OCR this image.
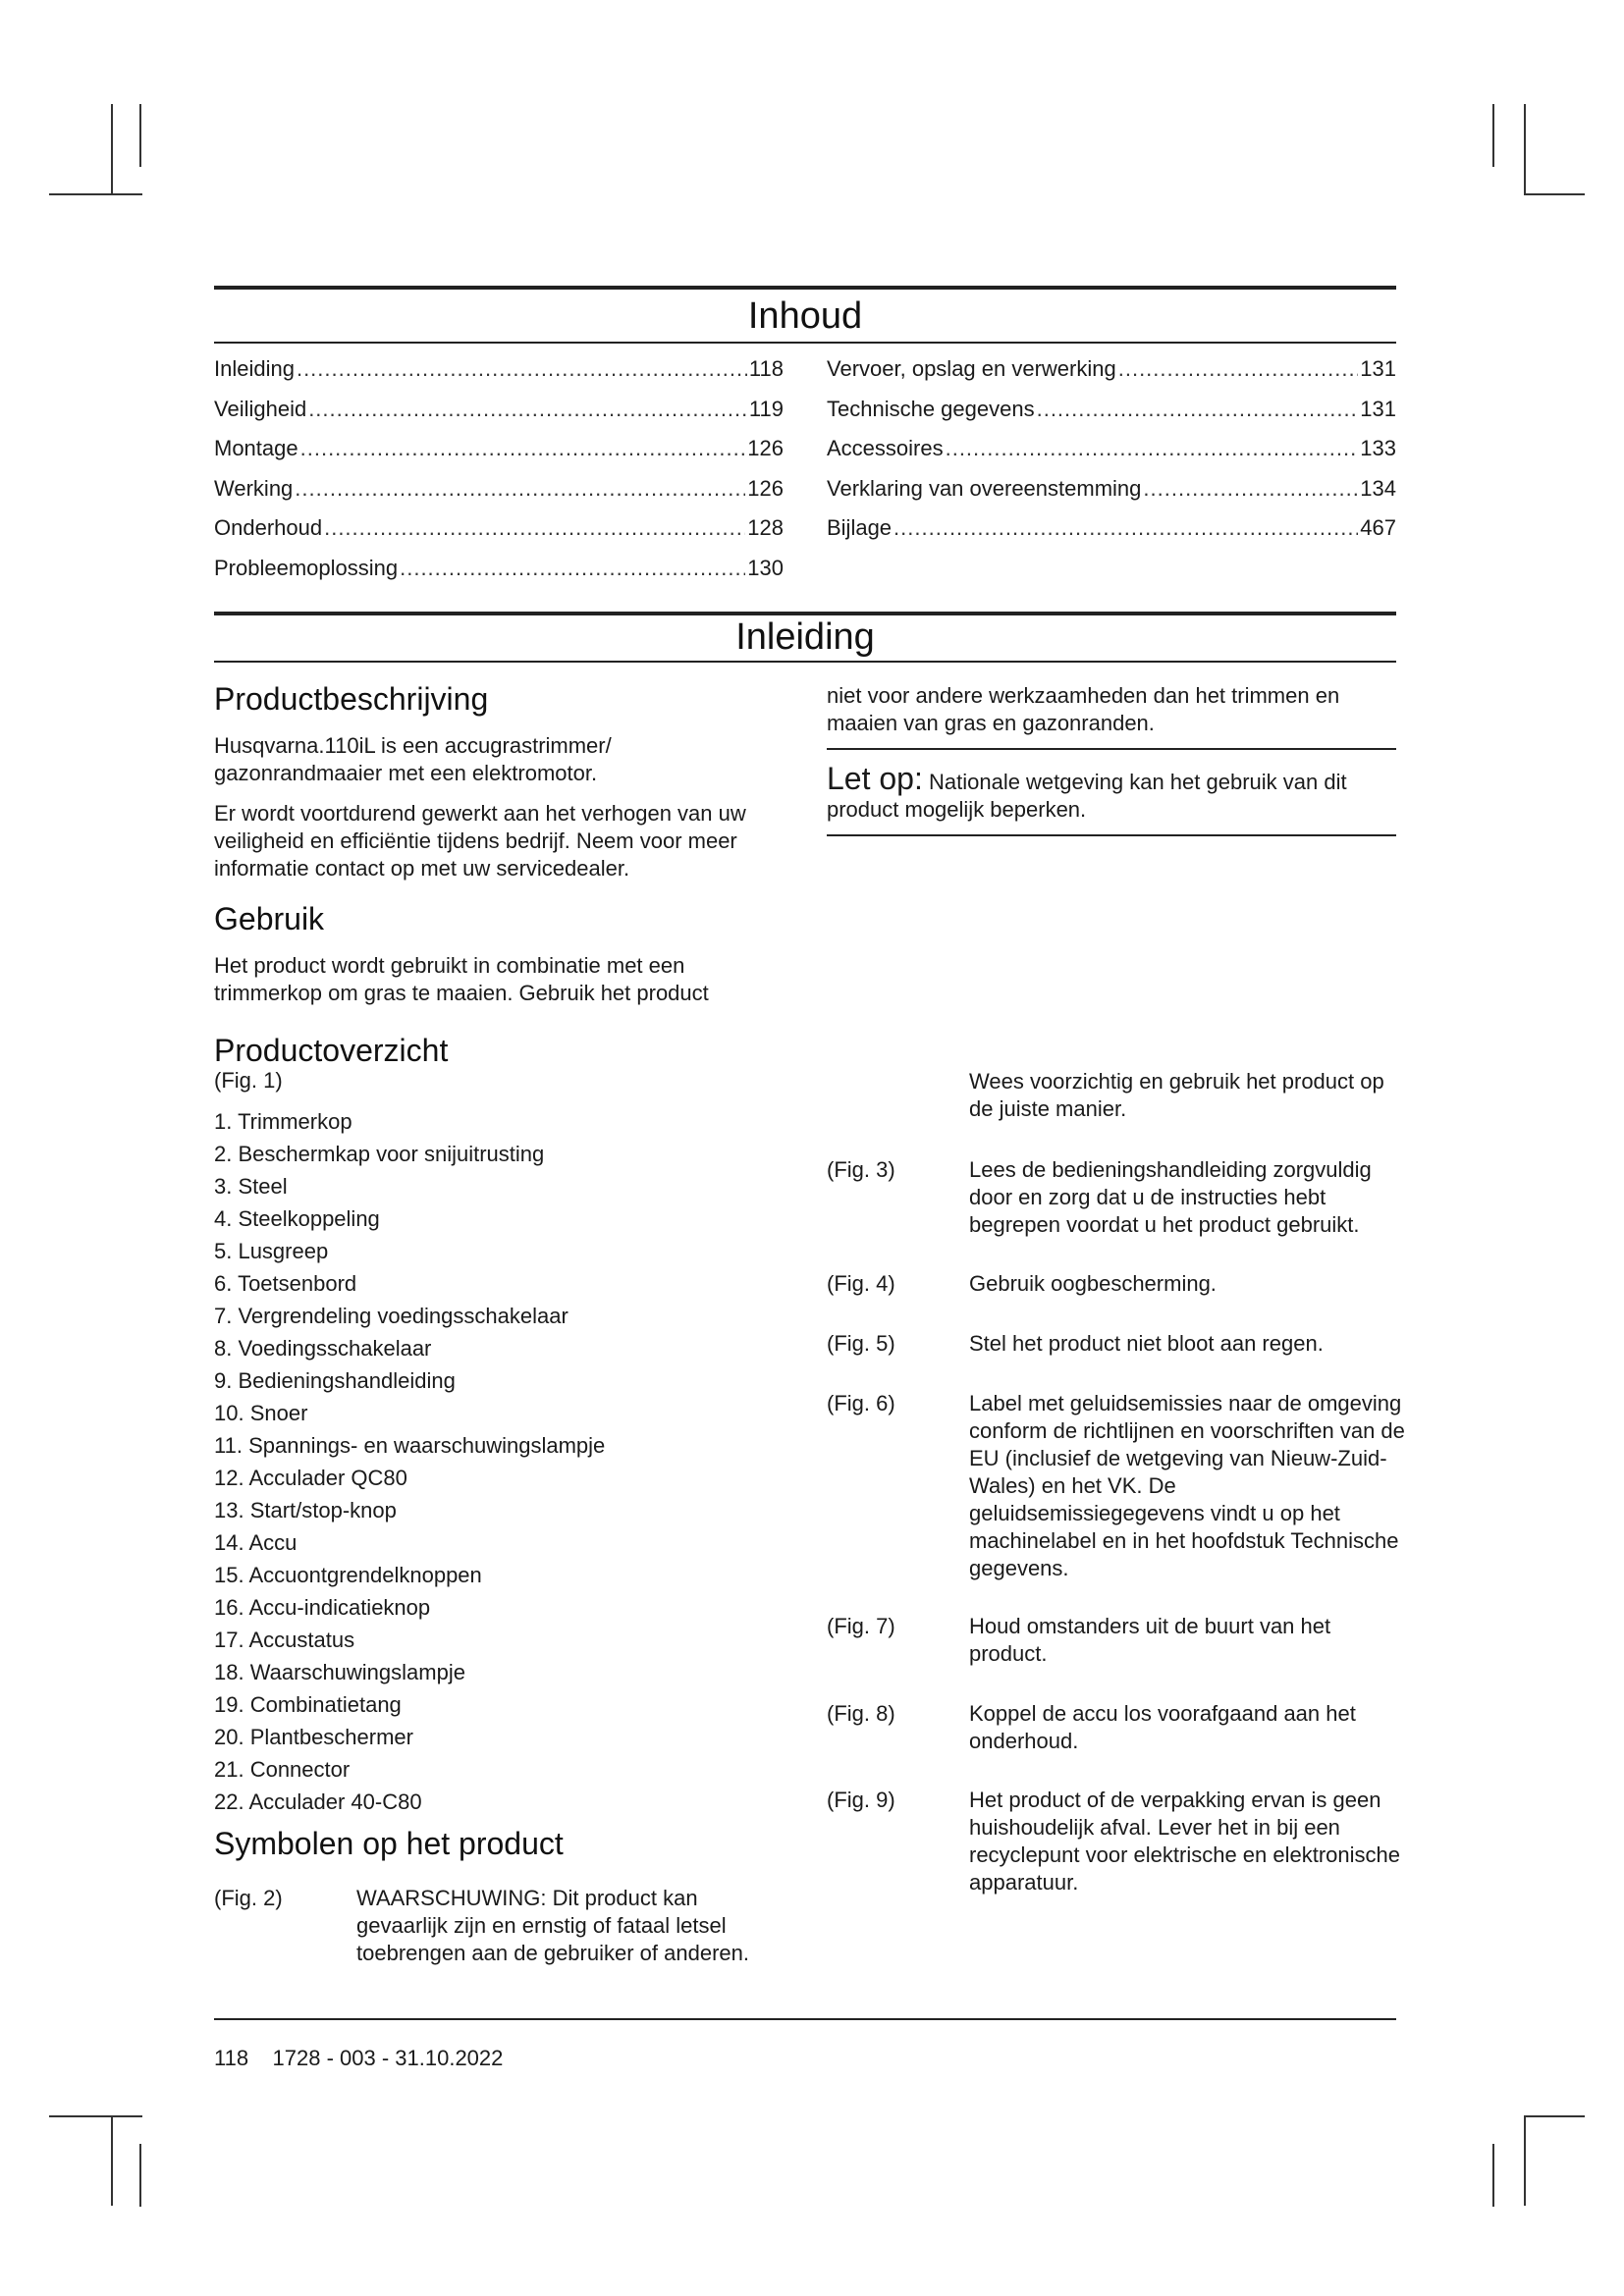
Inhoud
Inleiding .....	118
Veiligheid .....	119
Montage .....	126
Werking .....	126
Onderhoud .....	128
Probleemoplossing .....	130
Vervoer, opslag en verwerking .....	131
Technische gegevens .....	131
Accessoires .....	133
Verklaring van overeenstemming .....	134
Bijlage .....	467
Inleiding
Productbeschrijving
Husqvarna.110iL is een accugrastrimmer/ gazonrandmaaier met een elektromotor.
Er wordt voortdurend gewerkt aan het verhogen van uw veiligheid en efficiëntie tijdens bedrijf. Neem voor meer informatie contact op met uw servicedealer.
Gebruik
Het product wordt gebruikt in combinatie met een trimmerkop om gras te maaien. Gebruik het product
Productoverzicht
(Fig. 1)
1. Trimmerkop
2. Beschermkap voor snijuitrusting
3. Steel
4. Steelkoppeling
5. Lusgreep
6. Toetsenbord
7. Vergrendeling voedingsschakelaar
8. Voedingsschakelaar
9. Bedieningshandleiding
10. Snoer
11. Spannings- en waarschuwingslampje
12. Acculader QC80
13. Start/stop-knop
14. Accu
15. Accuontgrendelknoppen
16. Accu-indicatieknop
17. Accustatus
18. Waarschuwingslampje
19. Combinatietang
20. Plantbeschermer
21. Connector
22. Acculader 40-C80
Symbolen op het product
(Fig. 2)	WAARSCHUWING: Dit product kan gevaarlijk zijn en ernstig of fataal letsel toebrengen aan de gebruiker of anderen.
niet voor andere werkzaamheden dan het trimmen en maaien van gras en gazonranden.
Let op: Nationale wetgeving kan het gebruik van dit product mogelijk beperken.
Wees voorzichtig en gebruik het product op de juiste manier.
(Fig. 3)	Lees de bedieningshandleiding zorgvuldig door en zorg dat u de instructies hebt begrepen voordat u het product gebruikt.
(Fig. 4)	Gebruik oogbescherming.
(Fig. 5)	Stel het product niet bloot aan regen.
(Fig. 6)	Label met geluidsemissies naar de omgeving conform de richtlijnen en voorschriften van de EU (inclusief de wetgeving van Nieuw-Zuid-Wales) en het VK. De geluidsemissiegegevens vindt u op het machinelabel en in het hoofdstuk Technische gegevens.
(Fig. 7)	Houd omstanders uit de buurt van het product.
(Fig. 8)	Koppel de accu los voorafgaand aan het onderhoud.
(Fig. 9)	Het product of de verpakking ervan is geen huishoudelijk afval. Lever het in bij een recyclepunt voor elektrische en elektronische apparatuur.
118    1728 - 003 - 31.10.2022
